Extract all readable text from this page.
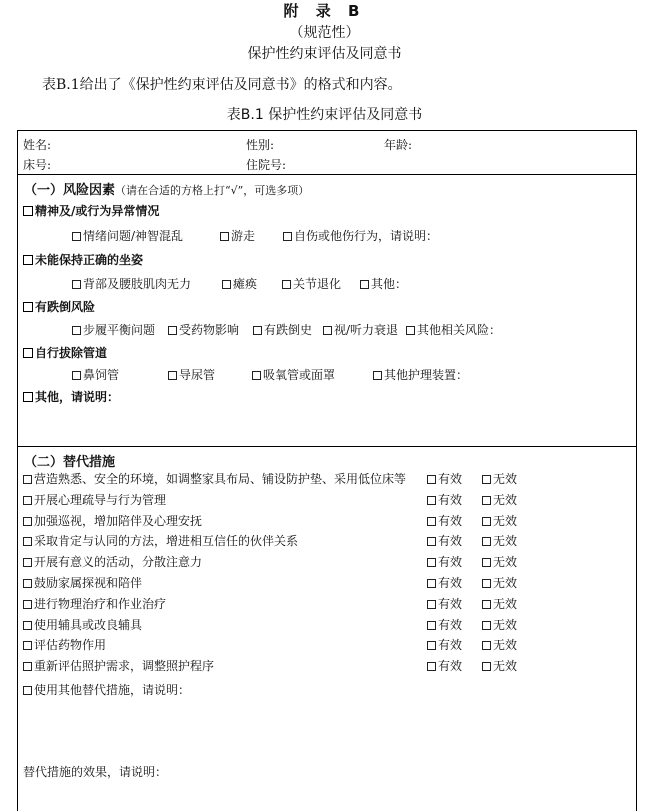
附 录 B
（规范性）
保护性约束评估及同意书
表B.1给出了《保护性约束评估及同意书》的格式和内容。
表B.1 保护性约束评估及同意书
姓名:	性别:	年龄:
床号:	住院号:
（一）风险因素（请在合适的方格上打“√”，可选多项）
精神及/或行为异常情况
情绪问题/神智混乱	游走	自伤或他伤行为，请说明：
未能保持正确的坐姿
背部及腰肢肌肉无力	瘫痪	关节退化	其他：
有跌倒风险
步履平衡问题	受药物影响	有跌倒史	视/听力衰退	其他相关风险：
自行拔除管道
鼻饲管	导尿管	吸氧管或面罩	其他护理装置：
其他，请说明：
（二）替代措施
营造熟悉、安全的环境，如调整家具布局、铺设防护垫、采用低位床等	有效	无效
开展心理疏导与行为管理	有效	无效
加强巡视，增加陪伴及心理安抚	有效	无效
采取肯定与认同的方法，增进相互信任的伙伴关系	有效	无效
开展有意义的活动，分散注意力	有效	无效
鼓励家属探视和陪伴	有效	无效
进行物理治疗和作业治疗	有效	无效
使用辅具或改良辅具	有效	无效
评估药物作用	有效	无效
重新评估照护需求，调整照护程序	有效	无效
使用其他替代措施，请说明：
替代措施的效果，请说明：
